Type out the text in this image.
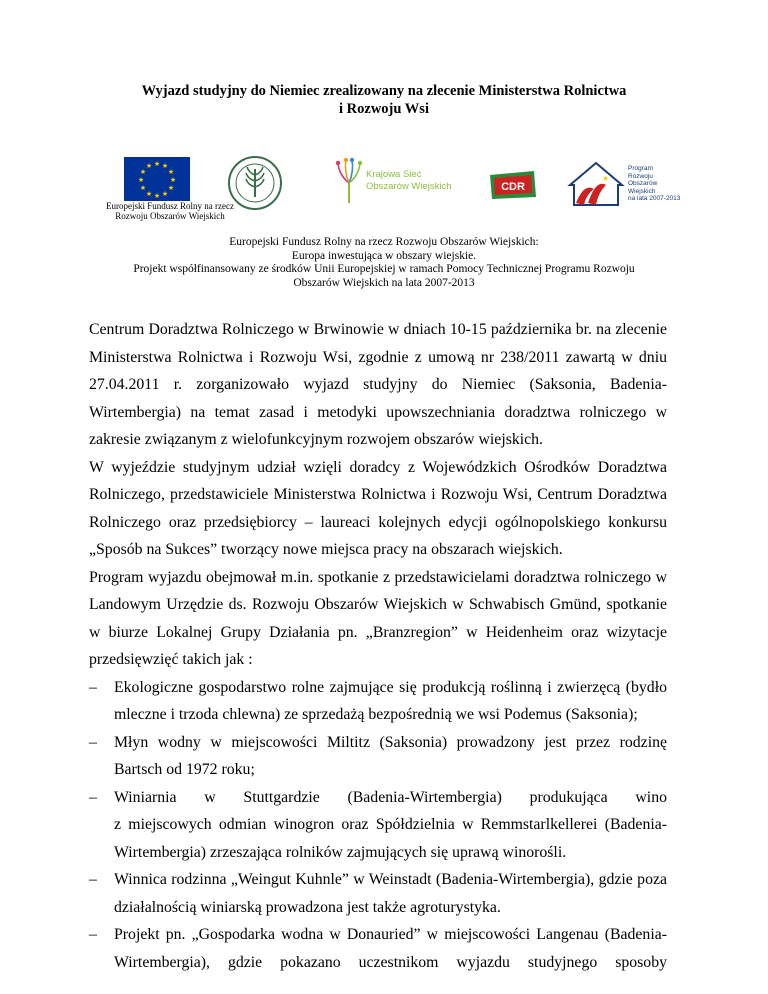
Wyjazd studyjny do Niemiec zrealizowany na zlecenie Ministerstwa Rolnictwa
i Rozwoju Wsi
★ ★
★
★
★
★
★
★
★
★
★
★
Krajowa Sieć
Obszarów Wiejskich	CDR
★
Program
Rozwoju
Obszarów
Wiejskich
na lata 2007-2013
Europejski Fundusz Rolny na rzecz Rozwoju Obszarów Wiejskich
Europejski Fundusz Rolny na rzecz Rozwoju Obszarów Wiejskich:
Europa inwestująca w obszary wiejskie.
Projekt współfinansowany ze środków Unii Europejskiej w ramach Pomocy Technicznej Programu Rozwoju
Obszarów Wiejskich na lata 2007-2013

Centrum Doradztwa Rolniczego w Brwinowie w dniach 10-15 października br. na zlecenie Ministerstwa Rolnictwa i Rozwoju Wsi, zgodnie z umową nr 238/2011 zawartą w dniu 27.04.2011 r. zorganizowało wyjazd studyjny do Niemiec (Saksonia, Badenia-Wirtembergia) na temat zasad i metodyki upowszechniania doradztwa rolniczego w zakresie związanym z wielofunkcyjnym rozwojem obszarów wiejskich.

W wyjeździe studyjnym udział wzięli doradcy z Wojewódzkich Ośrodków Doradztwa Rolniczego, przedstawiciele Ministerstwa Rolnictwa i Rozwoju Wsi, Centrum Doradztwa Rolniczego oraz przedsiębiorcy – laureaci kolejnych edycji ogólnopolskiego konkursu „Sposób na Sukces” tworzący nowe miejsca pracy na obszarach wiejskich.

Program wyjazdu obejmował m.in. spotkanie z przedstawicielami doradztwa rolniczego w Landowym Urzędzie ds. Rozwoju Obszarów Wiejskich w Schwabisch Gmünd, spotkanie w biurze Lokalnej Grupy Działania pn. „Branzregion” w Heidenheim oraz wizytacje przedsięwzięć takich jak :

– Ekologiczne gospodarstwo rolne zajmujące się produkcją roślinną i zwierzęcą (bydło mleczne i trzoda chlewna) ze sprzedażą bezpośrednią we wsi Podemus (Saksonia);
– Młyn wodny w miejscowości Miltitz (Saksonia) prowadzony jest przez rodzinę Bartsch od 1972 roku;
– Winiarnia w Stuttgardzie (Badenia-Wirtembergia) produkująca wino
z miejscowych odmian winogron oraz Spółdzielnia w Remmstarlkellerei (Badenia-Wirtembergia) zrzeszająca rolników zajmujących się uprawą winorośli.
– Winnica rodzinna „Weingut Kuhnle” w Weinstadt (Badenia-Wirtembergia), gdzie poza działalnością winiarską prowadzona jest także agroturystyka.
– Projekt pn. „Gospodarka wodna w Donauried” w miejscowości Langenau (Badenia-Wirtembergia), gdzie pokazano uczestnikom wyjazdu studyjnego sposoby
